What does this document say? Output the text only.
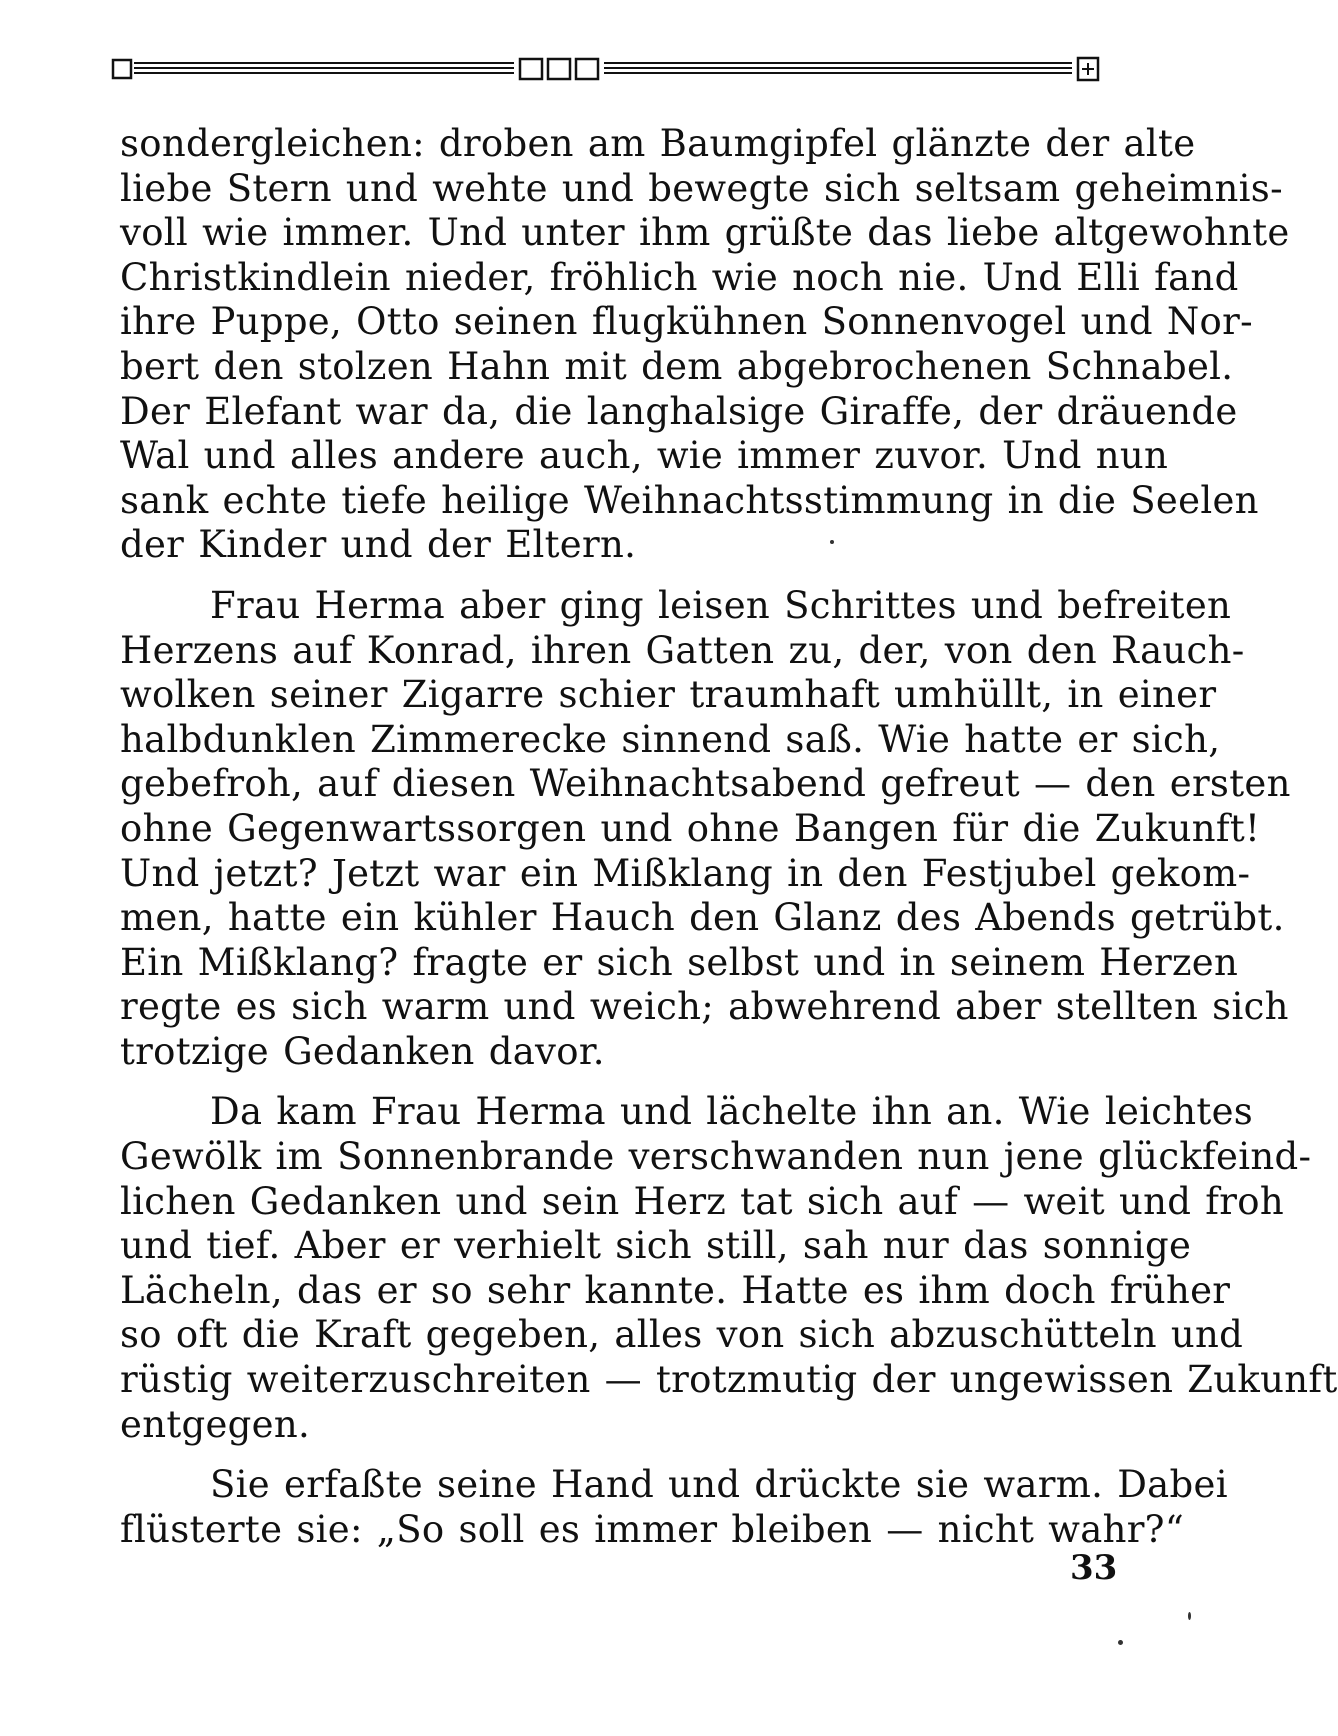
sondergleichen: droben am Baumgipfel glänzte der alte
liebe Stern und wehte und bewegte sich seltsam geheimnis-
voll wie immer. Und unter ihm grüßte das liebe altgewohnte
Christkindlein nieder, fröhlich wie noch nie. Und Elli fand
ihre Puppe, Otto seinen flugkühnen Sonnenvogel und Nor-
bert den stolzen Hahn mit dem abgebrochenen Schnabel.
Der Elefant war da, die langhalsige Giraffe, der dräuende
Wal und alles andere auch, wie immer zuvor. Und nun
sank echte tiefe heilige Weihnachtsstimmung in die Seelen
der Kinder und der Eltern.
Frau Herma aber ging leisen Schrittes und befreiten
Herzens auf Konrad, ihren Gatten zu, der, von den Rauch-
wolken seiner Zigarre schier traumhaft umhüllt, in einer
halbdunklen Zimmerecke sinnend saß. Wie hatte er sich,
gebefroh, auf diesen Weihnachtsabend gefreut — den ersten
ohne Gegenwartssorgen und ohne Bangen für die Zukunft!
Und jetzt? Jetzt war ein Mißklang in den Festjubel gekom-
men, hatte ein kühler Hauch den Glanz des Abends getrübt.
Ein Mißklang? fragte er sich selbst und in seinem Herzen
regte es sich warm und weich; abwehrend aber stellten sich
trotzige Gedanken davor.
Da kam Frau Herma und lächelte ihn an. Wie leichtes
Gewölk im Sonnenbrande verschwanden nun jene glückfeind-
lichen Gedanken und sein Herz tat sich auf — weit und froh
und tief. Aber er verhielt sich still, sah nur das sonnige
Lächeln, das er so sehr kannte. Hatte es ihm doch früher
so oft die Kraft gegeben, alles von sich abzuschütteln und
rüstig weiterzuschreiten — trotzmutig der ungewissen Zukunft
entgegen.
Sie erfaßte seine Hand und drückte sie warm. Dabei
flüsterte sie: „So soll es immer bleiben — nicht wahr?“
33
